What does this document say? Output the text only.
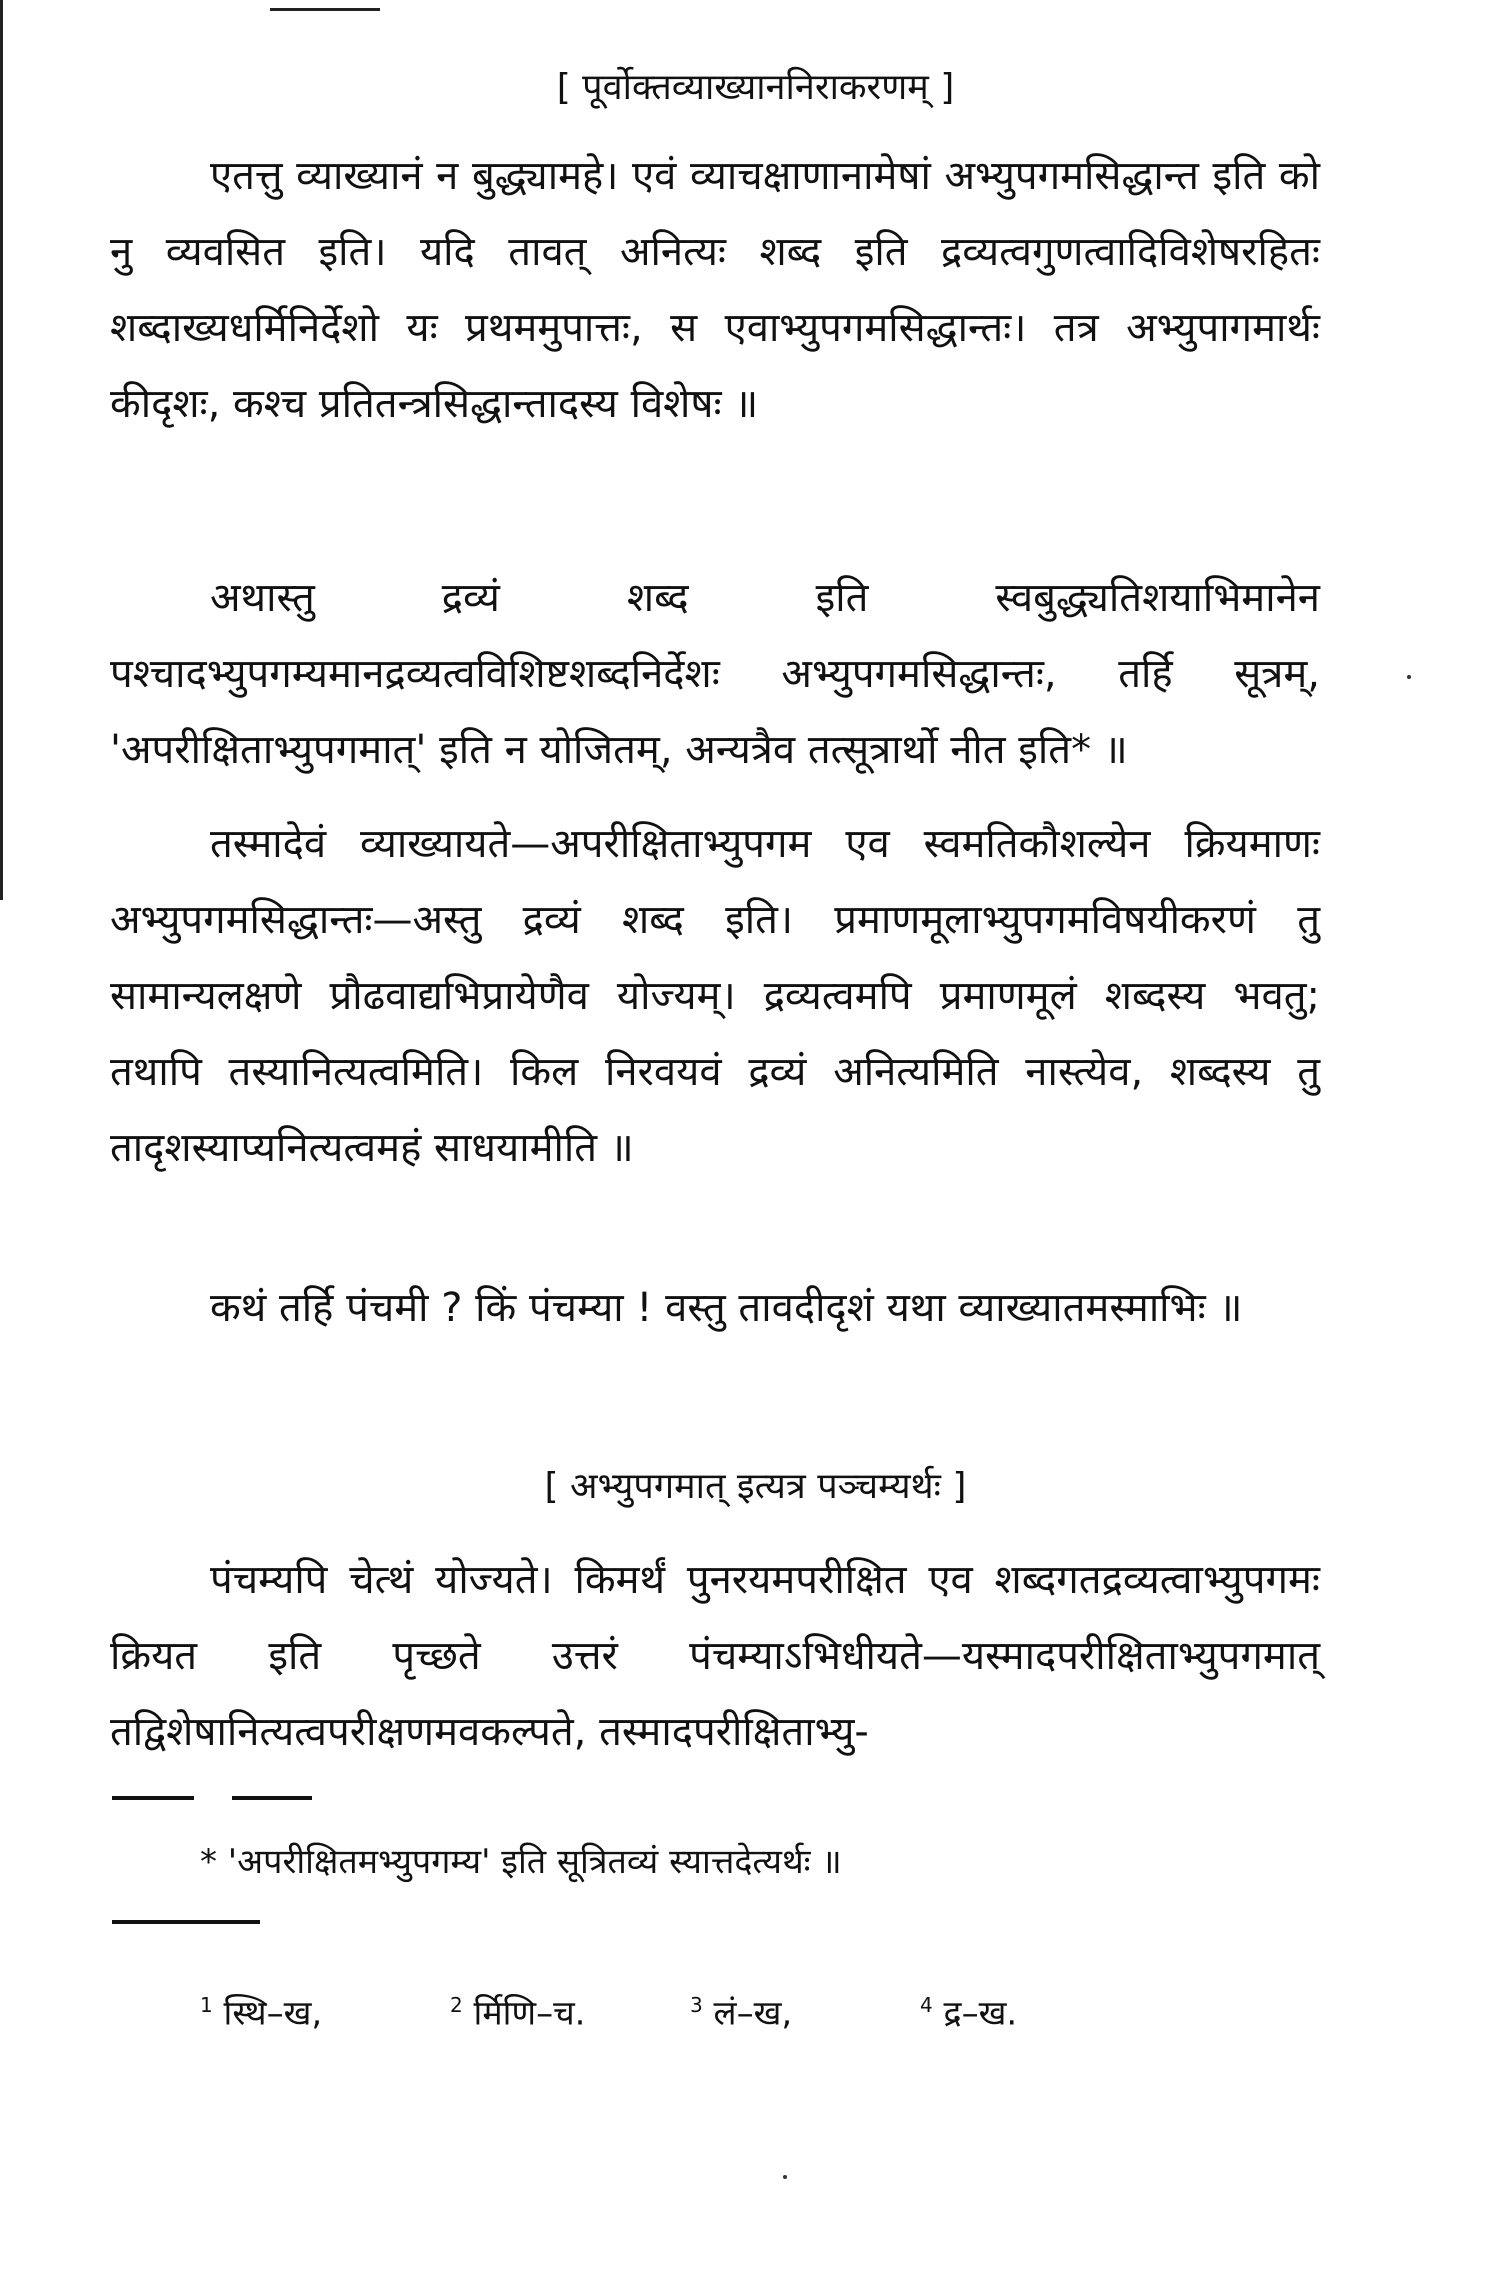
[ पूर्वोक्तव्याख्याननिराकरणम् ]

एतत्तु व्याख्यानं न बुद्ध्यामहे। एवं व्याचक्षाणानामेषां अभ्युपगमसिद्धान्त इति को नु व्यवसित इति। यदि तावत् अनित्यः शब्द इति द्रव्यत्वगुणत्वादिविशेषरहितः शब्दाख्यधर्मिनिर्देशो यः प्रथममुपात्तः, स एवाभ्युपगमसिद्धान्तः। तत्र अभ्युपागमार्थः कीदृशः, कश्च प्रतितन्त्रसिद्धान्तादस्य विशेषः ॥

अथास्तु द्रव्यं शब्द इति स्वबुद्ध्यतिशयाभिमानेन पश्चादभ्युपगम्यमानद्रव्यत्वविशिष्टशब्दनिर्देशः अभ्युपगमसिद्धान्तः, तर्हि सूत्रम्, 'अपरीक्षिताभ्युपगमात्' इति न योजितम्, अन्यत्रैव तत्सूत्रार्थो नीत इति* ॥

तस्मादेवं व्याख्यायते—अपरीक्षिताभ्युपगम एव स्वमतिकौशल्येन क्रियमाणः अभ्युपगमसिद्धान्तः—अस्तु द्रव्यं शब्द इति। प्रमाणमूलाभ्युपगमविषयीकरणं तु सामान्यलक्षणे प्रौढवाद्यभिप्रायेणैव योज्यम्। द्रव्यत्वमपि प्रमाणमूलं शब्दस्य भवतु; तथापि तस्यानित्यत्वमिति। किल निरवयवं द्रव्यं अनित्यमिति नास्त्येव, शब्दस्य तु तादृशस्याप्यनित्यत्वमहं साधयामीति ॥

कथं तर्हि पंचमी ? किं पंचम्या ! वस्तु तावदीदृशं यथा व्याख्यातमस्माभिः ॥

[ अभ्युपगमात् इत्यत्र पञ्चम्यर्थः ]

पंचम्यपि चेत्थं योज्यते। किमर्थं पुनरयमपरीक्षित एव शब्दगतद्रव्यत्वाभ्युपगमः क्रियत इति पृच्छते उत्तरं पंचम्याऽभिधीयते—यस्मादपरीक्षिताभ्युपगमात् तद्विशेषानित्यत्वपरीक्षणमवकल्पते, तस्मादपरीक्षिताभ्यु-

* 'अपरीक्षितमभ्युपगम्य' इति सूत्रितव्यं स्यात्तदेत्यर्थः ॥
$^1$ स्थि–ख,	$^2$ र्मिणि–च.	$^3$ लं–ख,	$^4$ द्र–ख.
